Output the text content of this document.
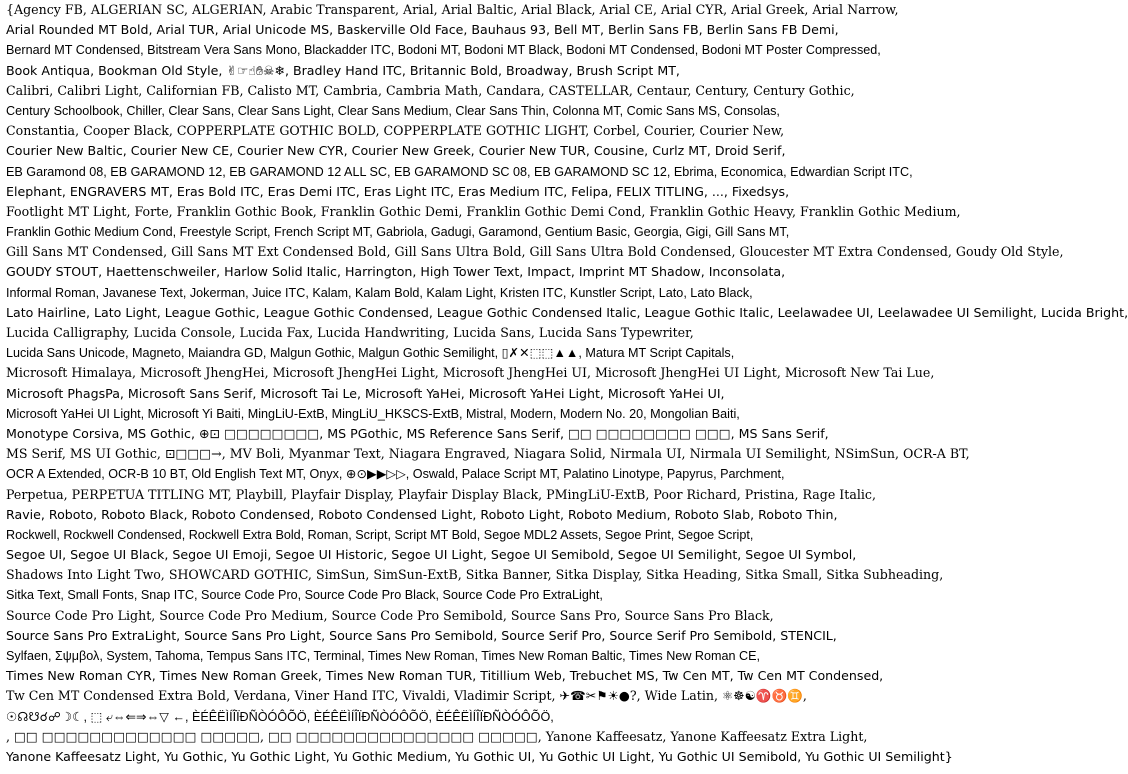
{Agency FB, ALGERIAN SC, ALGERIAN, Arabic Transparent, Arial, Arial Baltic, Arial Black, Arial CE, Arial CYR, Arial Greek, Arial Narrow,
Arial Rounded MT Bold, Arial TUR, Arial Unicode MS, Baskerville Old Face, Bauhaus 93, Bell MT, Berlin Sans FB, Berlin Sans FB Demi,
Bernard MT Condensed, Bitstream Vera Sans Mono, Blackadder ITC, Bodoni MT, Bodoni MT Black, Bodoni MT Condensed, Bodoni MT Poster Compressed,
Book Antiqua, Bookman Old Style, ✌︎☞︎☝︎✋︎☠︎❄︎, Bradley Hand ITC, Britannic Bold, Broadway, Brush Script MT,
Calibri, Calibri Light, Californian FB, Calisto MT, Cambria, Cambria Math, Candara, CASTELLAR, Centaur, Century, Century Gothic,
Century Schoolbook, Chiller, Clear Sans, Clear Sans Light, Clear Sans Medium, Clear Sans Thin, Colonna MT, Comic Sans MS, Consolas,
Constantia, Cooper Black, COPPERPLATE GOTHIC BOLD, COPPERPLATE GOTHIC LIGHT, Corbel, Courier, Courier New,
Courier New Baltic, Courier New CE, Courier New CYR, Courier New Greek, Courier New TUR, Cousine, Curlz MT, Droid Serif,
EB Garamond 08, EB GARAMOND 12, EB GARAMOND 12 ALL SC, EB GARAMOND SC 08, EB GARAMOND SC 12, Ebrima, Economica, Edwardian Script ITC,
Elephant, ENGRAVERS MT, Eras Bold ITC, Eras Demi ITC, Eras Light ITC, Eras Medium ITC, Felipa, FELIX TITLING, ..., Fixedsys,
Footlight MT Light, Forte, Franklin Gothic Book, Franklin Gothic Demi, Franklin Gothic Demi Cond, Franklin Gothic Heavy, Franklin Gothic Medium,
Franklin Gothic Medium Cond, Freestyle Script, French Script MT, Gabriola, Gadugi, Garamond, Gentium Basic, Georgia, Gigi, Gill Sans MT,
Gill Sans MT Condensed, Gill Sans MT Ext Condensed Bold, Gill Sans Ultra Bold, Gill Sans Ultra Bold Condensed, Gloucester MT Extra Condensed, Goudy Old Style,
GOUDY STOUT, Haettenschweiler, Harlow Solid Italic, Harrington, High Tower Text, Impact, Imprint MT Shadow, Inconsolata,
Informal Roman, Javanese Text, Jokerman, Juice ITC, Kalam, Kalam Bold, Kalam Light, Kristen ITC, Kunstler Script, Lato, Lato Black,
Lato Hairline, Lato Light, League Gothic, League Gothic Condensed, League Gothic Condensed Italic, League Gothic Italic, Leelawadee UI, Leelawadee UI Semilight, Lucida Bright,
Lucida Calligraphy, Lucida Console, Lucida Fax, Lucida Handwriting, Lucida Sans, Lucida Sans Typewriter,
Lucida Sans Unicode, Magneto, Maiandra GD, Malgun Gothic, Malgun Gothic Semilight, ▯✗✕⬚⬚▲▲, Matura MT Script Capitals,
Microsoft Himalaya, Microsoft JhengHei, Microsoft JhengHei Light, Microsoft JhengHei UI, Microsoft JhengHei UI Light, Microsoft New Tai Lue,
Microsoft PhagsPa, Microsoft Sans Serif, Microsoft Tai Le, Microsoft YaHei, Microsoft YaHei Light, Microsoft YaHei UI,
Microsoft YaHei UI Light, Microsoft Yi Baiti, MingLiU-ExtB, MingLiU_HKSCS-ExtB, Mistral, Modern, Modern No. 20, Mongolian Baiti,
Monotype Corsiva, MS Gothic, ⊕⊡ □□□□□□□□, MS PGothic, MS Reference Sans Serif, □□ □□□□□□□□ □□□, MS Sans Serif,
MS Serif, MS UI Gothic, ⊡□□□→, MV Boli, Myanmar Text, Niagara Engraved, Niagara Solid, Nirmala UI, Nirmala UI Semilight, NSimSun, OCR-A BT,
OCR A Extended, OCR-B 10 BT, Old English Text MT, Onyx, ⊕⊙▶▶▷▷, Oswald, Palace Script MT, Palatino Linotype, Papyrus, Parchment,
Perpetua, PERPETUA TITLING MT, Playbill, Playfair Display, Playfair Display Black, PMingLiU-ExtB, Poor Richard, Pristina, Rage Italic,
Ravie, Roboto, Roboto Black, Roboto Condensed, Roboto Condensed Light, Roboto Light, Roboto Medium, Roboto Slab, Roboto Thin,
Rockwell, Rockwell Condensed, Rockwell Extra Bold, Roman, Script, Script MT Bold, Segoe MDL2 Assets, Segoe Print, Segoe Script,
Segoe UI, Segoe UI Black, Segoe UI Emoji, Segoe UI Historic, Segoe UI Light, Segoe UI Semibold, Segoe UI Semilight, Segoe UI Symbol,
Shadows Into Light Two, SHOWCARD GOTHIC, SimSun, SimSun-ExtB, Sitka Banner, Sitka Display, Sitka Heading, Sitka Small, Sitka Subheading,
Sitka Text, Small Fonts, Snap ITC, Source Code Pro, Source Code Pro Black, Source Code Pro ExtraLight,
Source Code Pro Light, Source Code Pro Medium, Source Code Pro Semibold, Source Sans Pro, Source Sans Pro Black,
Source Sans Pro ExtraLight, Source Sans Pro Light, Source Sans Pro Semibold, Source Serif Pro, Source Serif Pro Semibold, STENCIL,
Sylfaen, Σψμβολ, System, Tahoma, Tempus Sans ITC, Terminal, Times New Roman, Times New Roman Baltic, Times New Roman CE,
Times New Roman CYR, Times New Roman Greek, Times New Roman TUR, Titillium Web, Trebuchet MS, Tw Cen MT, Tw Cen MT Condensed,
Tw Cen MT Condensed Extra Bold, Verdana, Viner Hand ITC, Vivaldi, Vladimir Script, ✈☎✂⚑☀●?, Wide Latin, ⚛☸☯♈♉♊,
☉☊☋☌☍☽☾, ⬚ ⤶⇔⇐⇒⇔▽ ←, ÈÉÊËÌÍÎÏÐÑÒÓÔÕÖ, ÈÉÊËÌÍÎÏÐÑÒÓÔÕÖ, ÈÉÊËÌÍÎÏÐÑÒÓÔÕÖ,
, □□ □□□□□□□□□□□□□ □□□□□, □□ □□□□□□□□□□□□□□□ □□□□□, Yanone Kaffeesatz, Yanone Kaffeesatz Extra Light,
Yanone Kaffeesatz Light, Yu Gothic, Yu Gothic Light, Yu Gothic Medium, Yu Gothic UI, Yu Gothic UI Light, Yu Gothic UI Semibold, Yu Gothic UI Semilight}
